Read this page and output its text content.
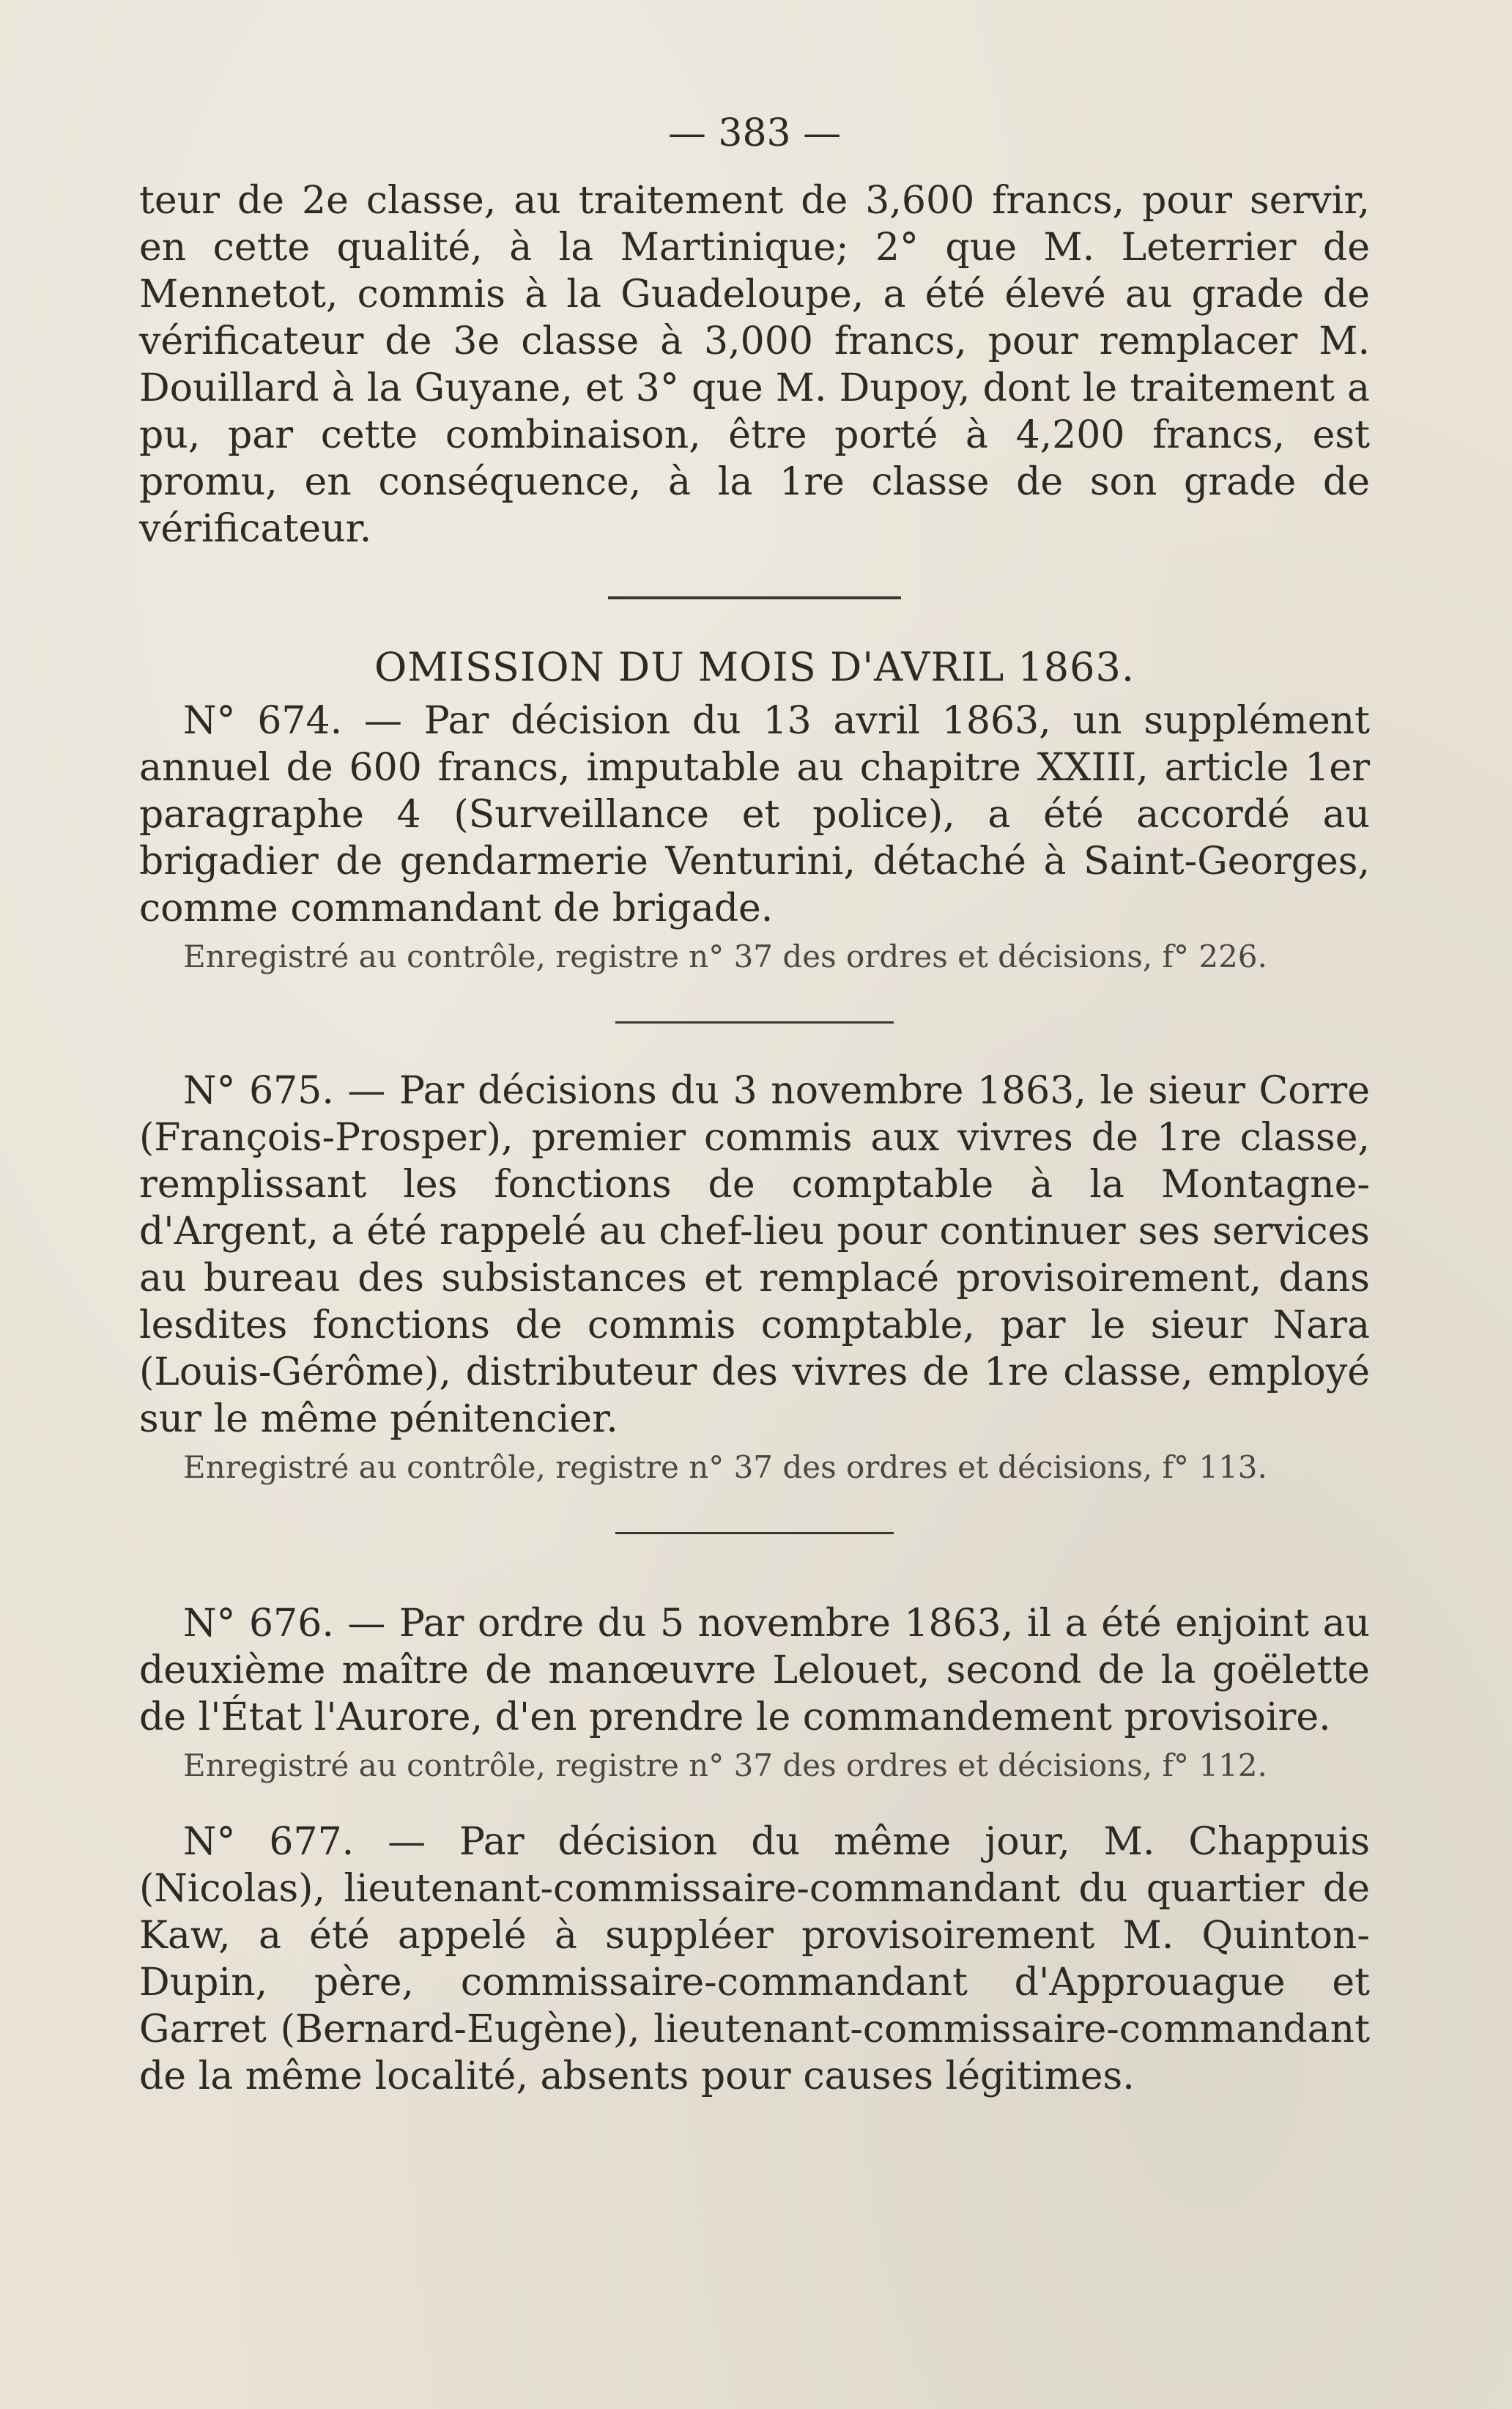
— 383 —

teur de 2e classe, au traitement de 3,600 francs, pour servir, en cette qualité, à la Martinique; 2° que M. Leterrier de Mennetot, commis à la Guadeloupe, a été élevé au grade de vérificateur de 3e classe à 3,000 francs, pour remplacer M. Douillard à la Guyane, et 3° que M. Dupoy, dont le traitement a pu, par cette combinaison, être porté à 4,200 francs, est promu, en conséquence, à la 1re classe de son grade de vérificateur.

OMISSION DU MOIS D'AVRIL 1863.

N° 674. — Par décision du 13 avril 1863, un supplément annuel de 600 francs, imputable au chapitre XXIII, article 1er paragraphe 4 (Surveillance et police), a été accordé au brigadier de gendarmerie Venturini, détaché à Saint-Georges, comme commandant de brigade.

Enregistré au contrôle, registre n° 37 des ordres et décisions, f° 226.

N° 675. — Par décisions du 3 novembre 1863, le sieur Corre (François-Prosper), premier commis aux vivres de 1re classe, remplissant les fonctions de comptable à la Montagne-d'Argent, a été rappelé au chef-lieu pour continuer ses services au bureau des subsistances et remplacé provisoirement, dans lesdites fonctions de commis comptable, par le sieur Nara (Louis-Gérôme), distributeur des vivres de 1re classe, employé sur le même pénitencier.

Enregistré au contrôle, registre n° 37 des ordres et décisions, f° 113.

N° 676. — Par ordre du 5 novembre 1863, il a été enjoint au deuxième maître de manœuvre Lelouet, second de la goëlette de l'État l'Aurore, d'en prendre le commandement provisoire.

Enregistré au contrôle, registre n° 37 des ordres et décisions, f° 112.

N° 677. — Par décision du même jour, M. Chappuis (Nicolas), lieutenant-commissaire-commandant du quartier de Kaw, a été appelé à suppléer provisoirement M. Quinton-Dupin, père, commissaire-commandant d'Approuague et Garret (Bernard-Eugène), lieutenant-commissaire-commandant de la même localité, absents pour causes légitimes.
